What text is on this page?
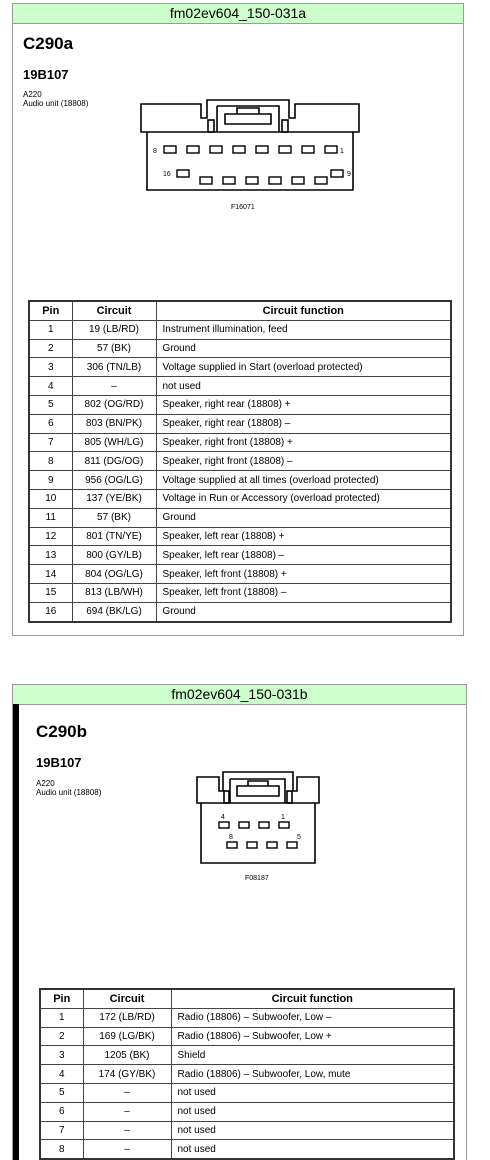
fm02ev604_150-031a
C290a
19B107
A220
Audio unit (18808)
8	1
16	9
F16071
Pin	Circuit	Circuit function
1	19 (LB/RD)	Instrument illumination, feed
2	57 (BK)	Ground
3	306 (TN/LB)	Voltage supplied in Start (overload protected)
4	–	not used
5	802 (OG/RD)	Speaker, right rear (18808) +
6	803 (BN/PK)	Speaker, right rear (18808) –
7	805 (WH/LG)	Speaker, right front (18808) +
8	811 (DG/OG)	Speaker, right front (18808) –
9	956 (OG/LG)	Voltage supplied at all times (overload protected)
10	137 (YE/BK)	Voltage in Run or Accessory (overload protected)
11	57 (BK)	Ground
12	801 (TN/YE)	Speaker, left rear (18808) +
13	800 (GY/LB)	Speaker, left rear (18808) –
14	804 (OG/LG)	Speaker, left front (18808) +
15	813 (LB/WH)	Speaker, left front (18808) –
16	694 (BK/LG)	Ground
fm02ev604_150-031b
C290b
19B107
A220
Audio unit (18808)
4	1
8	5
F08187
Pin	Circuit	Circuit function
1	172 (LB/RD)	Radio (18806) – Subwoofer, Low –
2	169 (LG/BK)	Radio (18806) – Subwoofer, Low +
3	1205 (BK)	Shield
4	174 (GY/BK)	Radio (18806) – Subwoofer, Low, mute
5	–	not used
6	–	not used
7	–	not used
8	–	not used
